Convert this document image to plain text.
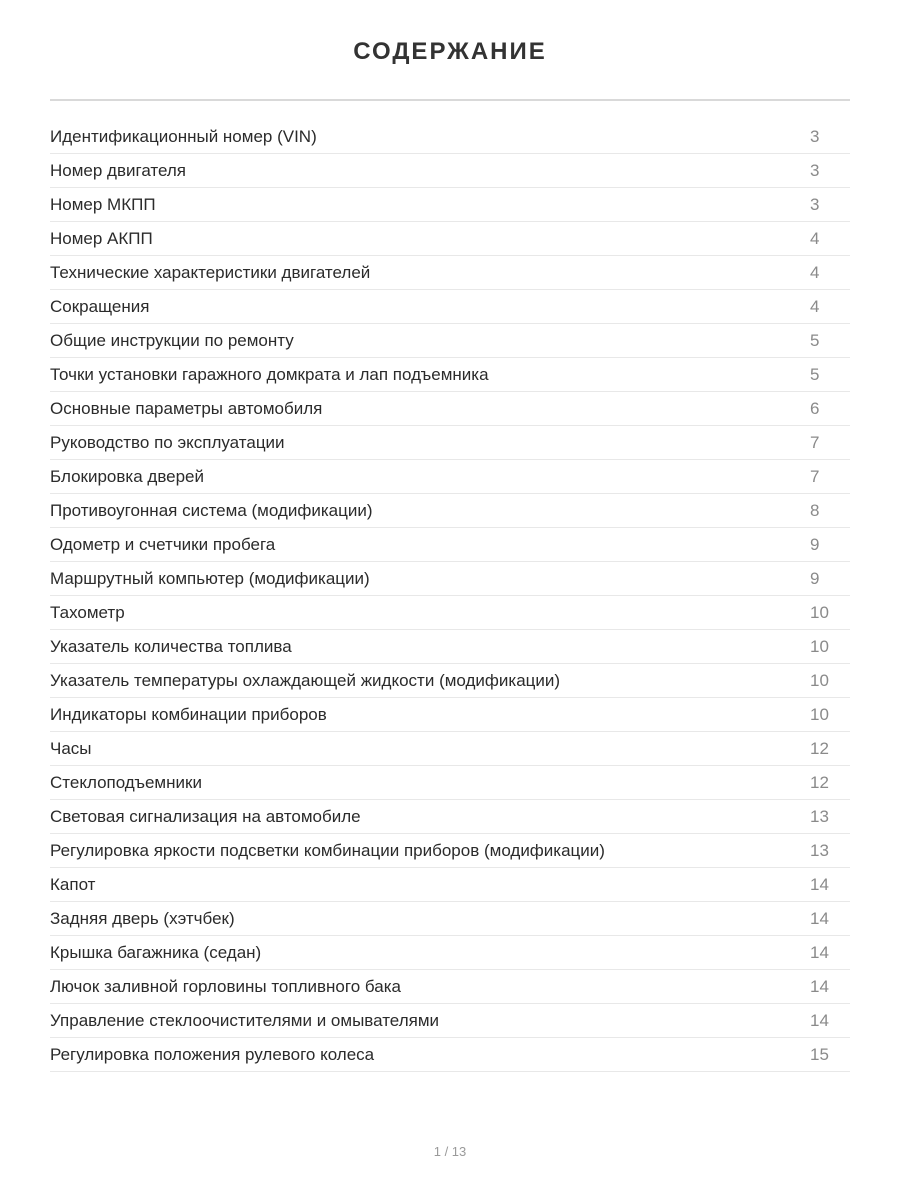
СОДЕРЖАНИЕ
Идентификационный номер (VIN)	3
Номер двигателя	3
Номер МКПП	3
Номер АКПП	4
Технические характеристики двигателей	4
Сокращения	4
Общие инструкции по ремонту	5
Точки установки гаражного домкрата и лап подъемника	5
Основные параметры автомобиля	6
Руководство по эксплуатации	7
Блокировка дверей	7
Противоугонная система (модификации)	8
Одометр и счетчики пробега	9
Маршрутный компьютер (модификации)	9
Тахометр	10
Указатель количества топлива	10
Указатель температуры охлаждающей жидкости (модификации)	10
Индикаторы комбинации приборов	10
Часы	12
Стеклоподъемники	12
Световая сигнализация на автомобиле	13
Регулировка яркости подсветки комбинации приборов (модификации)	13
Капот	14
Задняя дверь (хэтчбек)	14
Крышка багажника (седан)	14
Лючок заливной горловины топливного бака	14
Управление стеклоочистителями и омывателями	14
Регулировка положения рулевого колеса	15
1 / 13
